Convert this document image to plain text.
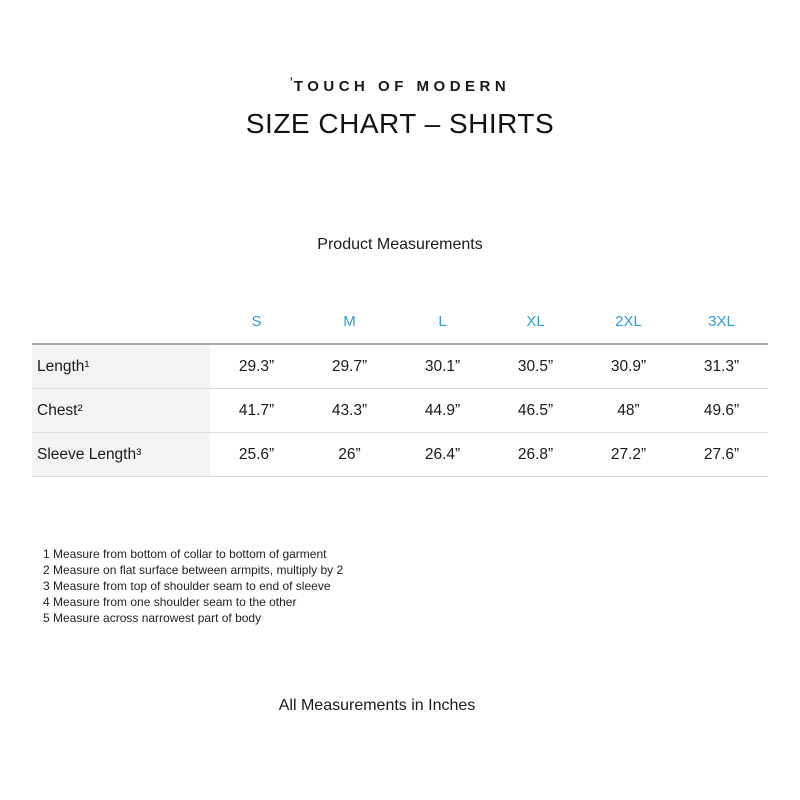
’TOUCH OF MODERN
SIZE CHART – SHIRTS
Product Measurements
	S	M	L	XL	2XL	3XL
Length¹	29.3”	29.7”	30.1”	30.5”	30.9”	31.3”
Chest²	41.7”	43.3”	44.9”	46.5”	48”	49.6”
Sleeve Length³	25.6”	26”	26.4”	26.8”	27.2”	27.6”
1 Measure from bottom of collar to bottom of garment
2 Measure on flat surface between armpits, multiply by 2
3 Measure from top of shoulder seam to end of sleeve
4 Measure from one shoulder seam to the other
5 Measure across narrowest part of body
All Measurements in Inches
